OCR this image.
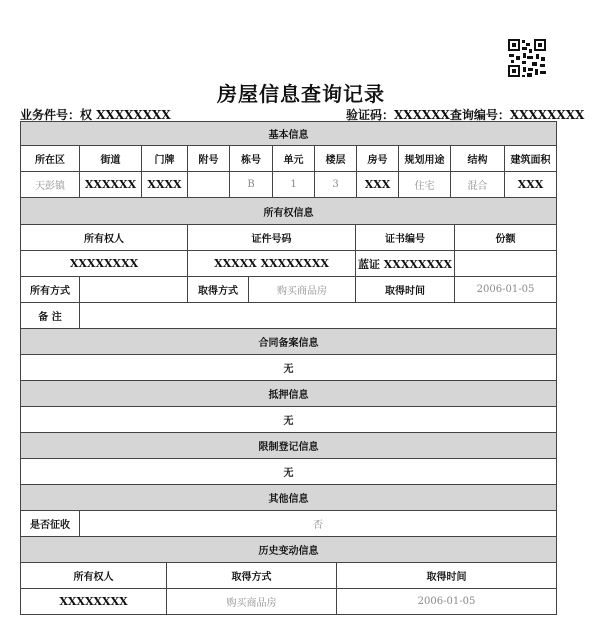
房屋信息查询记录
业务件号：权 XXXXXXXX	验证码：XXXXXX查询编号：XXXXXXXX
基本信息										
所在区	街道	门牌	附号	栋号	单元	楼层	房号	规划用途	结构	建筑面积
天彭镇	XXXXXX	XXXX		B	1	3	XXX	住宅	混合	XXX
所有权信息					
所有权人		证件号码		证书编号	份额
XXXXXXXX		XXXXX XXXXXXXX		蓝证 XXXXXXXX	
所有方式		取得方式	购买商品房	取得时间	2006-01-05
备 注					
合同备案信息
无
抵押信息
无
限制登记信息
无
其他信息
是否征收	否
历史变动信息		
所有权人	取得方式	取得时间
XXXXXXXX	购买商品房	2006-01-05
